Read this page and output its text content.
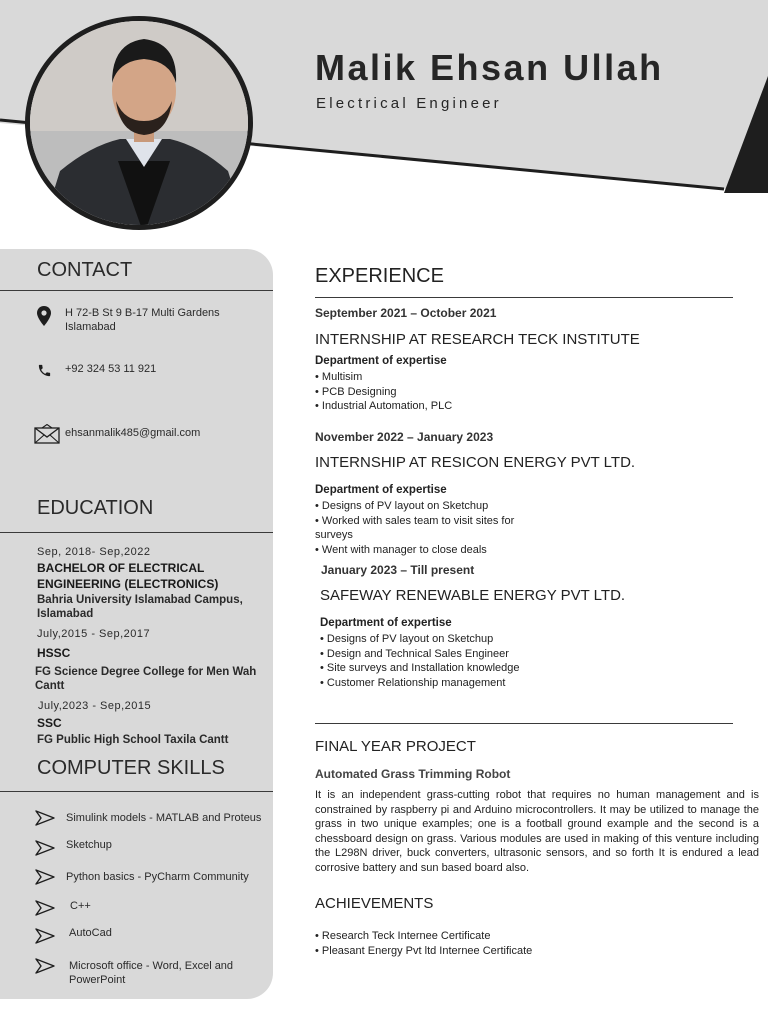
Malik Ehsan Ullah
Electrical Engineer
CONTACT
H 72-B St 9 B-17 Multi Gardens
Islamabad
+92 324 53 11 921
ehsanmalik485@gmail.com
EDUCATION
Sep, 2018- Sep,2022
BACHELOR OF ELECTRICAL
ENGINEERING (ELECTRONICS)
Bahria University Islamabad Campus,
Islamabad
July,2015 - Sep,2017
HSSC
FG Science Degree College for Men Wah
Cantt
July,2023 - Sep,2015
SSC
FG Public High School Taxila Cantt
COMPUTER SKILLS
Simulink models - MATLAB and Proteus
Sketchup
Python basics - PyCharm Community
C++
AutoCad
Microsoft office - Word, Excel and
PowerPoint
EXPERIENCE
September 2021 – October 2021
INTERNSHIP AT RESEARCH TECK INSTITUTE
Department of expertise
• Multisim
• PCB Designing
• Industrial Automation, PLC
November 2022 – January 2023
INTERNSHIP AT RESICON ENERGY PVT LTD.
Department of expertise
• Designs of PV layout on Sketchup
• Worked with sales team to visit sites for
surveys
• Went with manager to close deals
January 2023 – Till present
SAFEWAY RENEWABLE ENERGY PVT LTD.
Department of expertise
• Designs of PV layout on Sketchup
• Design and Technical Sales Engineer
• Site surveys and Installation knowledge
• Customer Relationship management
FINAL YEAR PROJECT
Automated Grass Trimming Robot
It is an independent grass-cutting robot that requires no human management and is constrained by raspberry pi and Arduino microcontrollers. It may be utilized to manage the grass in two unique examples; one is a football ground example and the second is a chessboard design on grass. Various modules are used in making of this venture including the L298N driver, buck converters, ultrasonic sensors, and so forth It is endured a lead corrosive battery and sun based board also.
ACHIEVEMENTS
• Research Teck Internee Certificate
• Pleasant Energy Pvt ltd Internee Certificate
